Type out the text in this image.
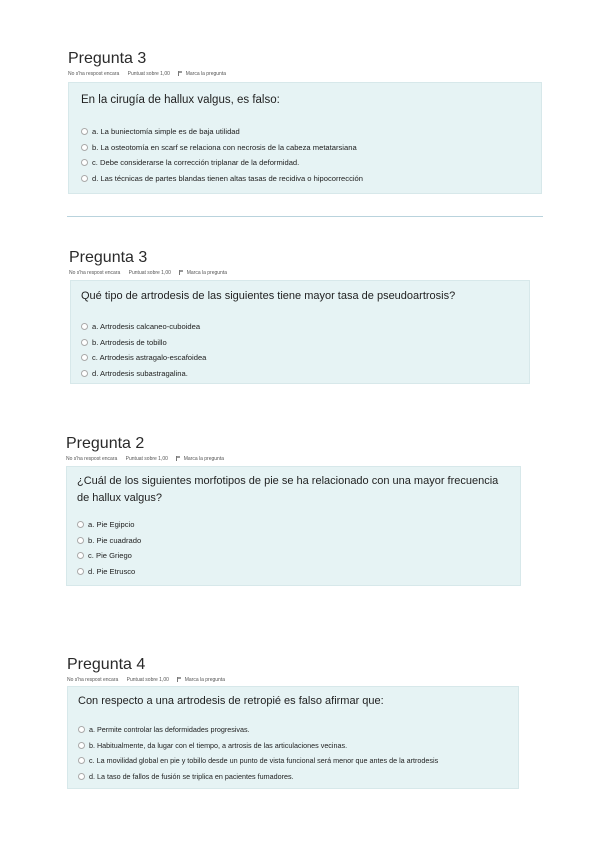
Pregunta 3
No s'ha respost encara Puntuat sobre 1,00	Marca la pregunta
En la cirugía de hallux valgus, es falso:
a. La buniectomía simple es de baja utilidad
b. La osteotomía en scarf se relaciona con necrosis de la cabeza metatarsiana
c. Debe considerarse la corrección triplanar de la deformidad.
d. Las técnicas de partes blandas tienen altas tasas de recidiva o hipocorrección
Pregunta 3
No s'ha respost encara Puntuat sobre 1,00	Marca la pregunta
Qué tipo de artrodesis de las siguientes tiene mayor tasa de pseudoartrosis?
a. Artrodesis calcaneo-cuboidea
b. Artrodesis de tobillo
c. Artrodesis astragalo-escafoidea
d. Artrodesis subastragalina.
Pregunta 2
No s'ha respost encara Puntuat sobre 1,00	Marca la pregunta
¿Cuál de los siguientes morfotipos de pie se ha relacionado con una mayor frecuencia de hallux valgus?
a. Pie Egipcio
b. Pie cuadrado
c. Pie Griego
d. Pie Etrusco
Pregunta 4
No s'ha respost encara Puntuat sobre 1,00	Marca la pregunta
Con respecto a una artrodesis de retropié es falso afirmar que:
a. Permite controlar las deformidades progresivas.
b. Habitualmente, da lugar con el tiempo, a artrosis de las articulaciones vecinas.
c. La movilidad global en pie y tobillo desde un punto de vista funcional será menor que antes de la artrodesis
d. La taso de fallos de fusión se triplica en pacientes fumadores.
